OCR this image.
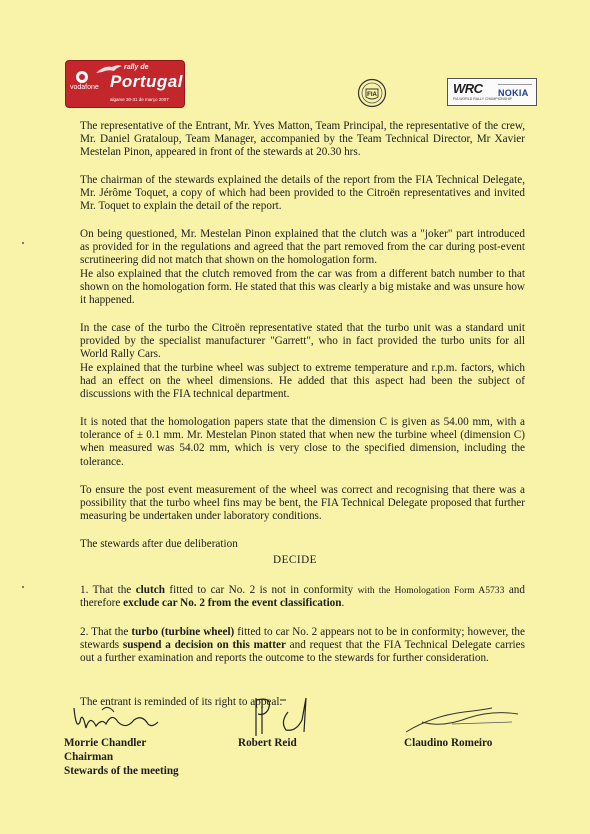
rally de
Portugal
vodafone
algarve 30-31 de março 2007
FIA	WRC NOKIA
FIA WORLD RALLY CHAMPIONSHIP

The representative of the Entrant, Mr. Yves Matton, Team Principal, the representative of the crew, Mr. Daniel Grataloup, Team Manager, accompanied by the Team Technical Director, Mr Xavier Mestelan Pinon, appeared in front of the stewards at 20.30 hrs.

The chairman of the stewards explained the details of the report from the FIA Technical Delegate, Mr. Jérôme Toquet, a copy of which had been provided to the Citroën representatives and invited Mr. Toquet to explain the detail of the report.

On being questioned, Mr. Mestelan Pinon explained that the clutch was a "joker" part introduced as provided for in the regulations and agreed that the part removed from the car during post-event scrutineering did not match that shown on the homologation form.

He also explained that the clutch removed from the car was from a different batch number to that shown on the homologation form. He stated that this was clearly a big mistake and was unsure how it happened.

In the case of the turbo the Citroën representative stated that the turbo unit was a standard unit provided by the specialist manufacturer "Garrett", who in fact provided the turbo units for all World Rally Cars.

He explained that the turbine wheel was subject to extreme temperature and r.p.m. factors, which had an effect on the wheel dimensions. He added that this aspect had been the subject of discussions with the FIA technical department.

It is noted that the homologation papers state that the dimension C is given as 54.00 mm, with a tolerance of ± 0.1 mm. Mr. Mestelan Pinon stated that when new the turbine wheel (dimension C) when measured was 54.02 mm, which is very close to the specified dimension, including the tolerance.

To ensure the post event measurement of the wheel was correct and recognising that there was a possibility that the turbo wheel fins may be bent, the FIA Technical Delegate proposed that further measuring be undertaken under laboratory conditions.

The stewards after due deliberation

DECIDE

1. That the clutch fitted to car No. 2 is not in conformity with the Homologation Form A5733 and therefore exclude car No. 2 from the event classification.

2. That the turbo (turbine wheel) fitted to car No. 2 appears not to be in conformity; however, the stewards suspend a decision on this matter and request that the FIA Technical Delegate carries out a further examination and reports the outcome to the stewards for further consideration.

The entrant is reminded of its right to appeal.
Morrie Chandler
Chairman
Stewards of the meeting
Robert Reid	Claudino Romeiro
